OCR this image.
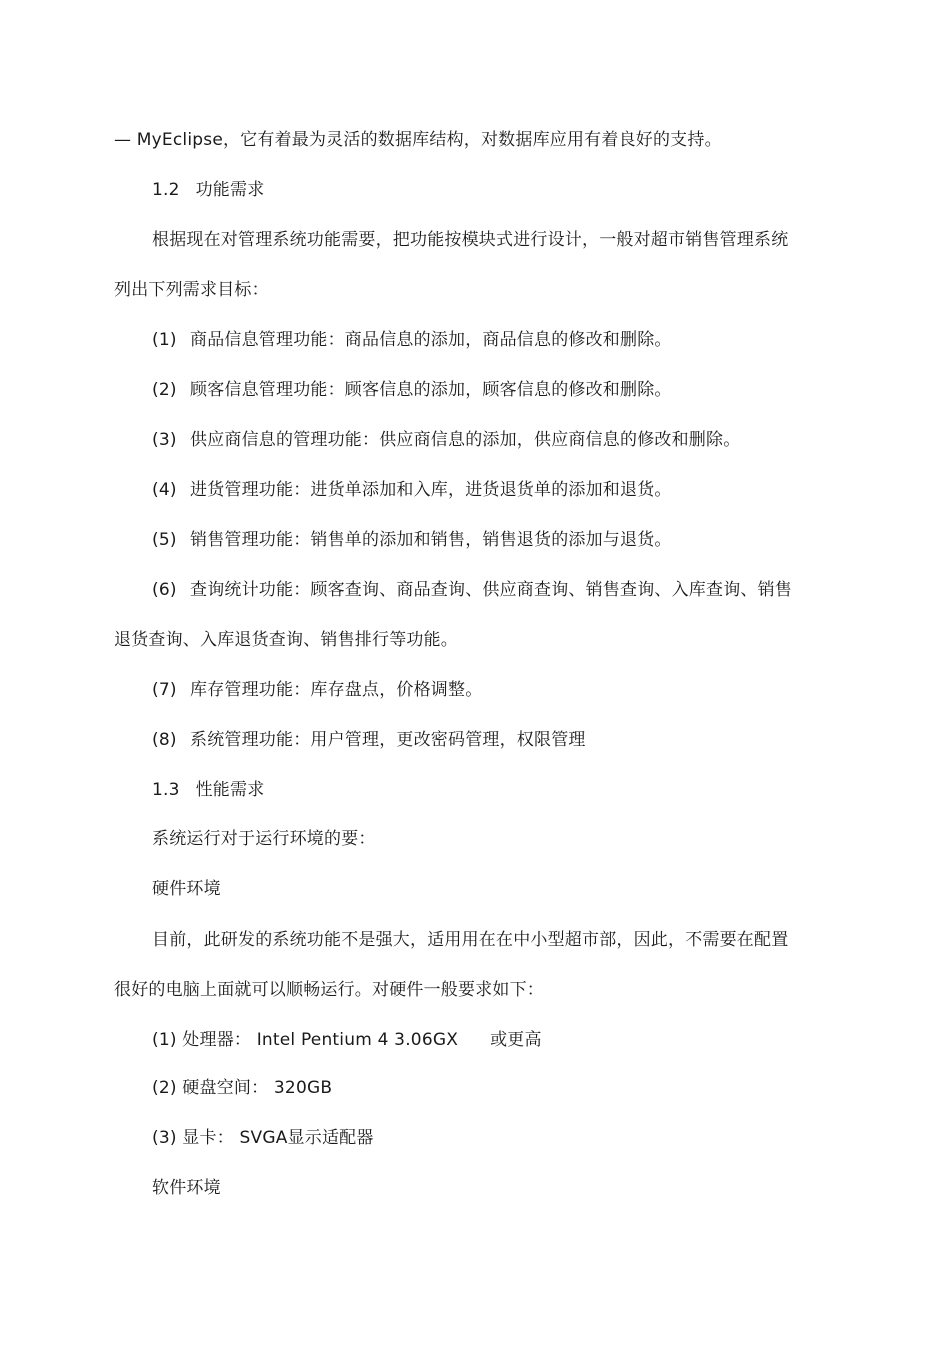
— MyEclipse，它有着最为灵活的数据库结构，对数据库应用有着良好的支持。
1.2 功能需求
根据现在对管理系统功能需要，把功能按模块式进行设计，一般对超市销售管理系统
列出下列需求目标：
(1) 商品信息管理功能：商品信息的添加，商品信息的修改和删除。
(2) 顾客信息管理功能：顾客信息的添加，顾客信息的修改和删除。
(3) 供应商信息的管理功能：供应商信息的添加，供应商信息的修改和删除。
(4) 进货管理功能：进货单添加和入库，进货退货单的添加和退货。
(5) 销售管理功能：销售单的添加和销售，销售退货的添加与退货。
(6) 查询统计功能：顾客查询、商品查询、供应商查询、销售查询、入库查询、销售
退货查询、入库退货查询、销售排行等功能。
(7) 库存管理功能：库存盘点，价格调整。
(8) 系统管理功能：用户管理，更改密码管理，权限管理
1.3 性能需求
系统运行对于运行环境的要：
硬件环境
目前，此研发的系统功能不是强大，适用用在在中小型超市部，因此，不需要在配置
很好的电脑上面就可以顺畅运行。对硬件一般要求如下：
(1) 处理器： Intel Pentium 4 3.06GX 或更高
(2) 硬盘空间： 320GB
(3) 显卡： SVGA显示适配器
软件环境
